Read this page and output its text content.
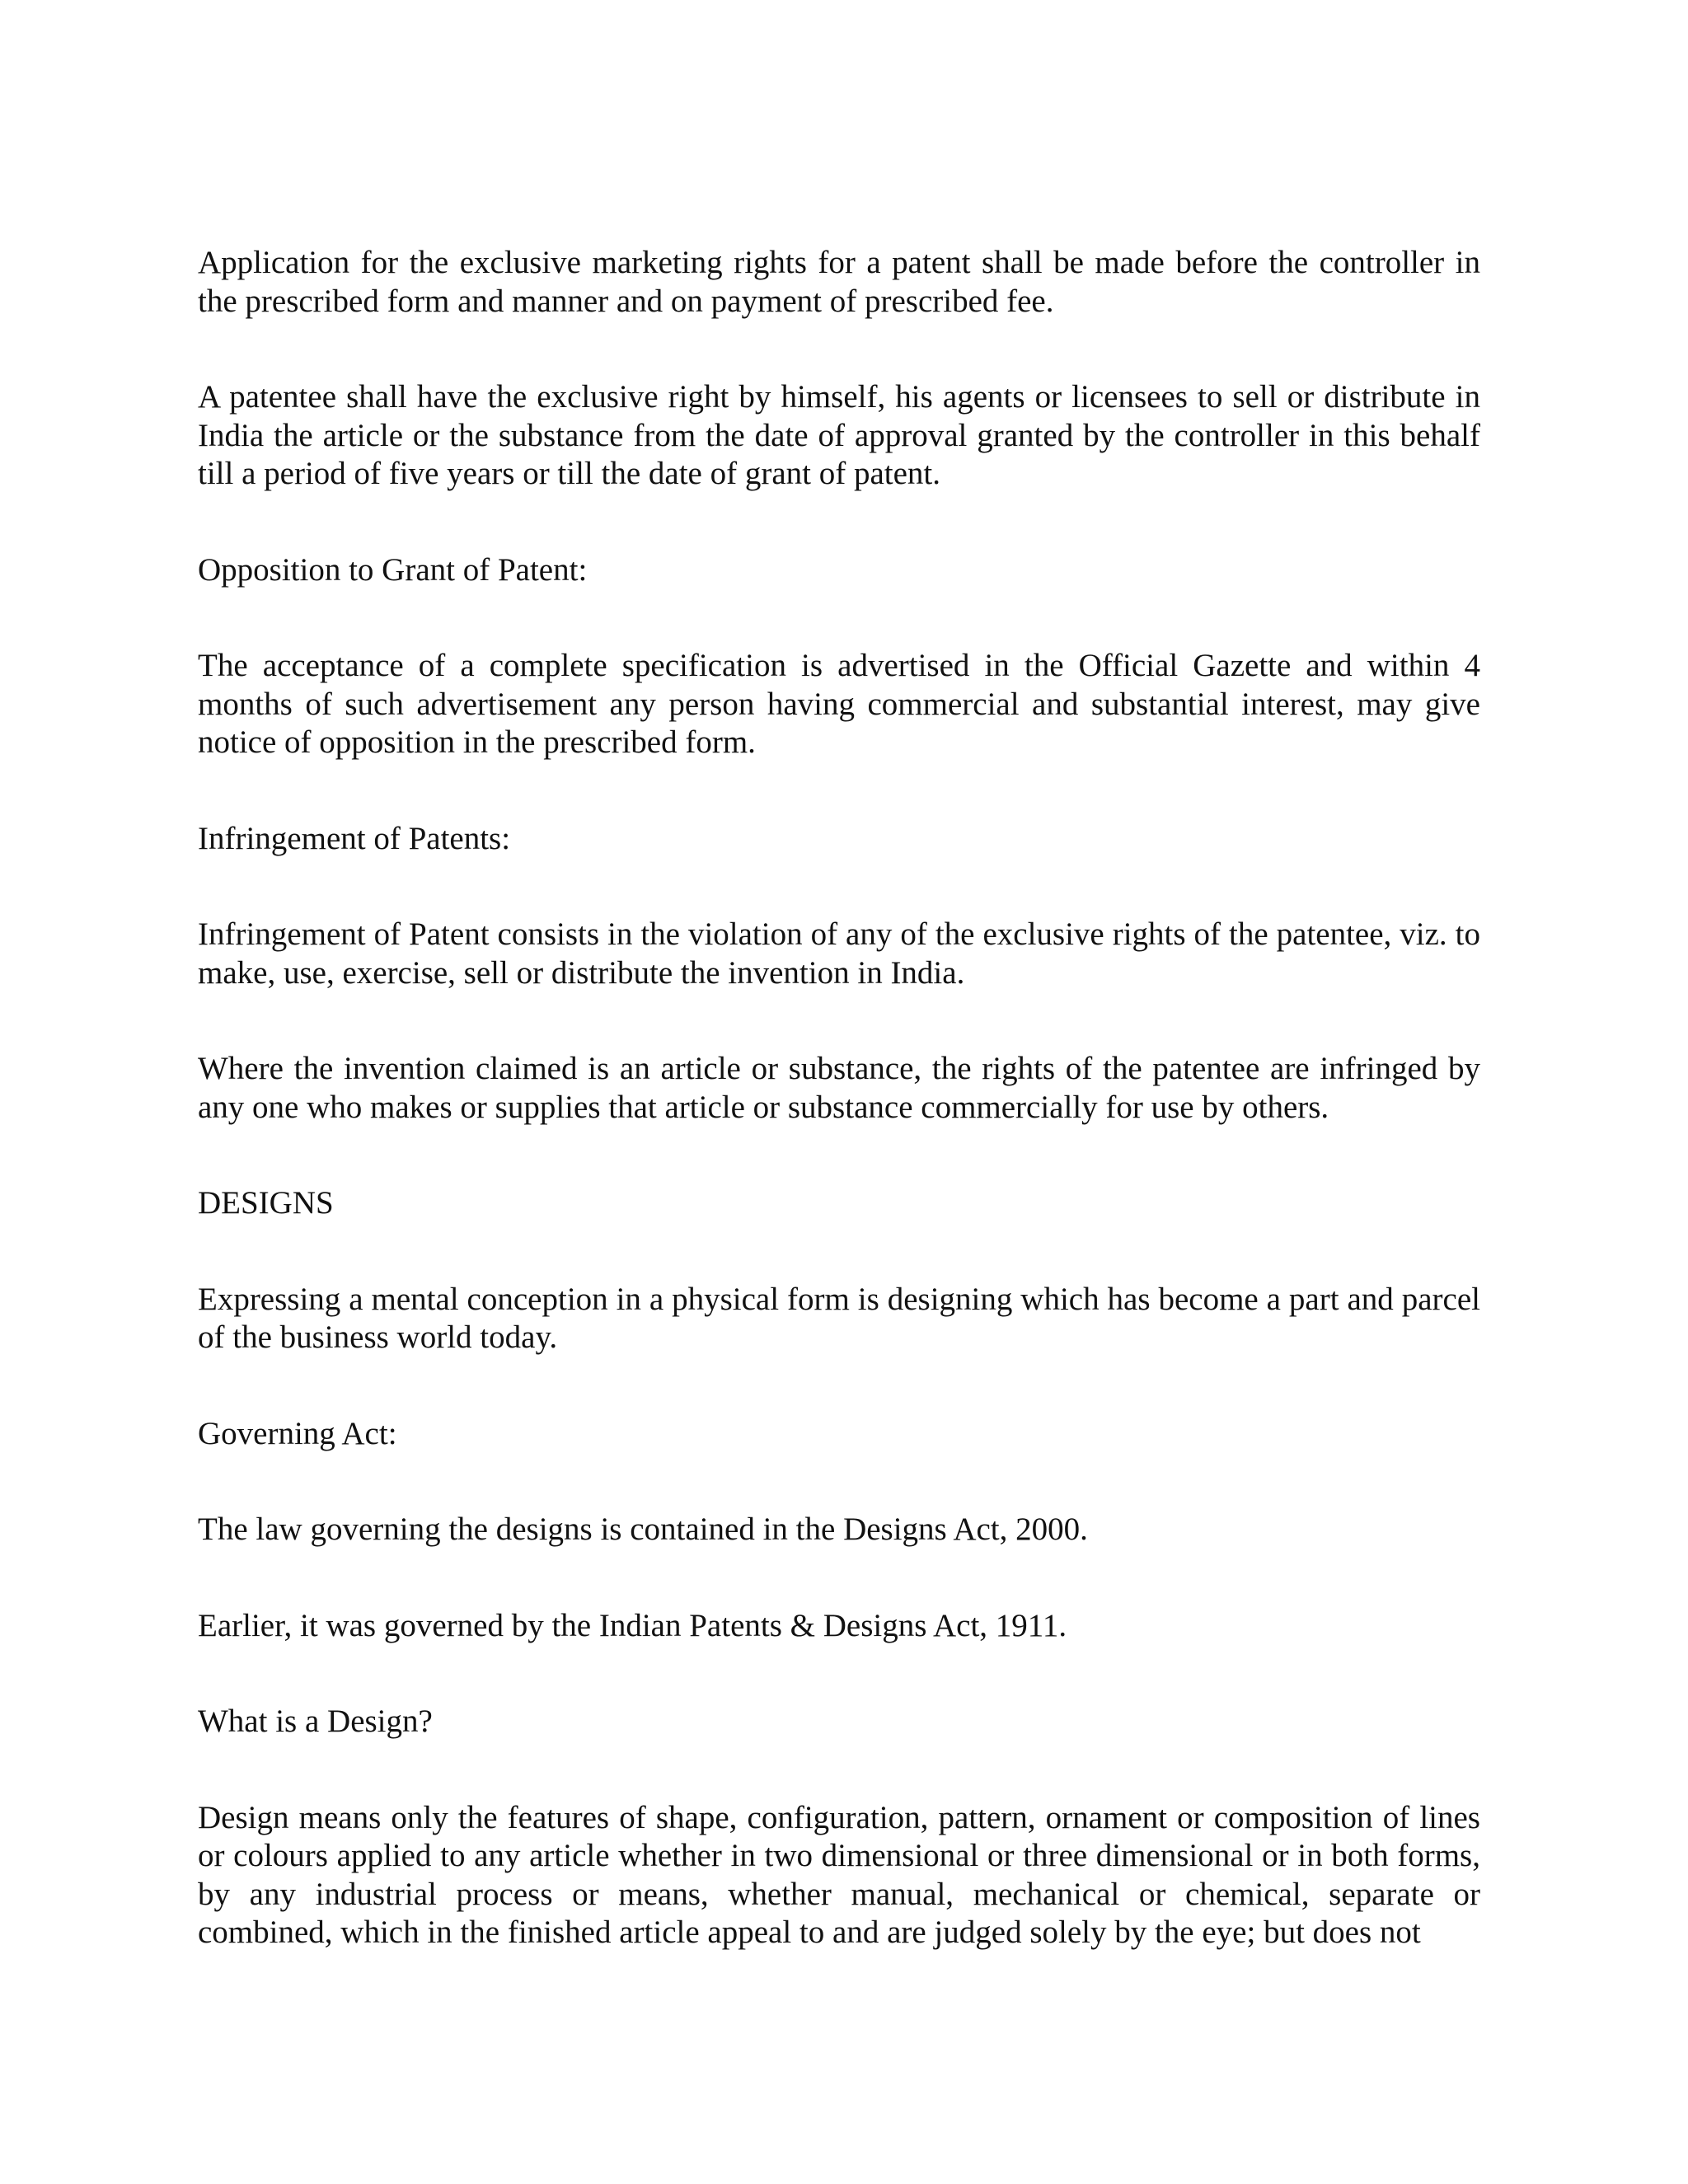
Application for the exclusive marketing rights for a patent shall be made before the controller in the prescribed form and manner and on payment of prescribed fee.

A patentee shall have the exclusive right by himself, his agents or licensees to sell or distribute in India the article or the substance from the date of approval granted by the controller in this behalf till a period of five years or till the date of grant of patent.

Opposition to Grant of Patent:

The acceptance of a complete specification is advertised in the Official Gazette and within 4 months of such advertisement any person having commercial and substantial interest, may give notice of opposition in the prescribed form.

Infringement of Patents:

Infringement of Patent consists in the violation of any of the exclusive rights of the patentee, viz. to make, use, exercise, sell or distribute the invention in India.

Where the invention claimed is an article or substance, the rights of the patentee are infringed by any one who makes or supplies that article or substance commercially for use by others.

DESIGNS

Expressing a mental conception in a physical form is designing which has become a part and parcel of the business world today.

Governing Act:

The law governing the designs is contained in the Designs Act, 2000.

Earlier, it was governed by the Indian Patents & Designs Act, 1911.

What is a Design?

Design means only the features of shape, configuration, pattern, ornament or composition of lines or colours applied to any article whether in two dimensional or three dimensional or in both forms, by any industrial process or means, whether manual, mechanical or chemical, separate or combined, which in the finished article appeal to and are judged solely by the eye; but does not
